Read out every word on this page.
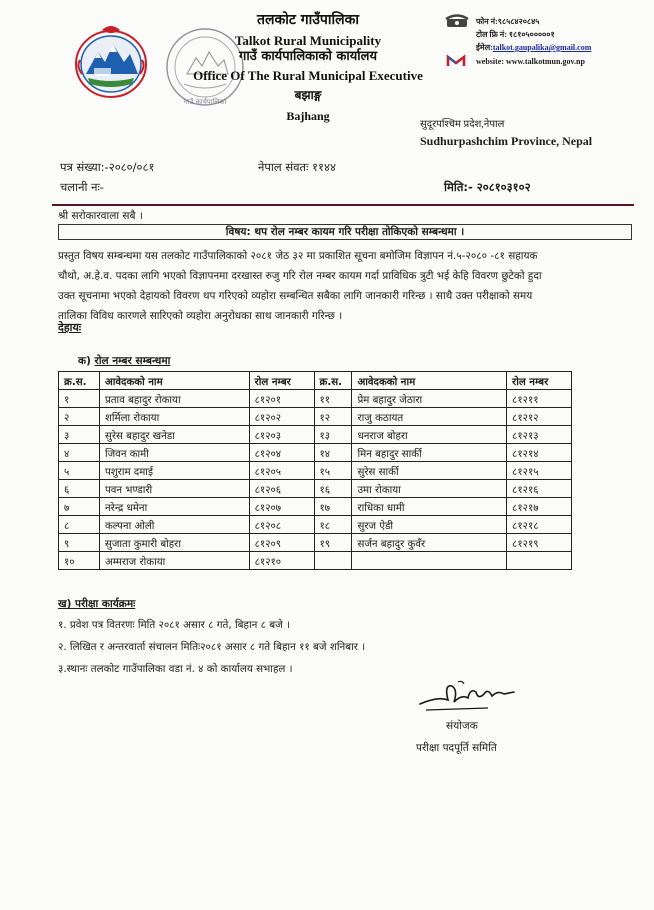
गाउँ कार्यपालिका
तलकोट गाउँपालिका
Talkot Rural Municipality
गाउँ कार्यपालिकाको कार्यालय
Office Of The Rural Municipal Executive
बझाङ्ग
Bajhang
फोन नं:९८५८४२०८४५
टोल फ्रि नं: १८१०५०००००१
ईमेल: talkot.gaupalika@gmail.com
website: www.talkotmun.gov.np
सुदूरपश्चिम प्रदेश,नेपाल
Sudhurpashchim Province, Nepal
पत्र संख्या:-२०८०/०८१
चलानी नः-
नेपाल संवतः ११४४
मिति:- २०८१०३१०२
श्री सरोकारवाला सबै ।
विषय: थप रोल नम्बर कायम गरि परीक्षा तोकिएको सम्बन्धमा ।
प्रस्तुत विषय सम्बन्धमा यस तलकोट गाउँपालिकाको २०८१ जेठ ३२ मा प्रकाशित सूचना बमोजिम विज्ञापन नं.५-२०८० -८१ सहायक
चौथो, अ.हे.व. पदका लागि भएको विज्ञापनमा दरखास्त रुजु गरि रोल नम्बर कायम गर्दा प्राविधिक त्रुटी भई केहि विवरण छुटेको हुदा
उक्त सूचनामा भएको देहायको विवरण थप गरिएको व्यहोरा सम्बन्धित सबैका लागि जानकारी गरिन्छ । साथै उक्त परीक्षाको समय
तालिका विविध कारणले सारिएको व्यहोरा अनुरोधका साथ जानकारी गरिन्छ ।
देहायः
क) रोल नम्बर सम्बन्धमा
क्र.स.	आवेदकको नाम	रोल नम्बर	क्र.स.	आवेदकको नाम	रोल नम्बर
१	प्रताव बहादुर रोकाया	८१२०१	११	प्रेम बहादुर जेठारा	८१२११
२	शर्मिला रोकाया	८१२०२	१२	राजु कठायत	८१२१२
३	सुरेस बहादुर खनेडा	८१२०३	१३	धनराज बोहरा	८१२१३
४	जिवन कामी	८१२०४	१४	मिन बहादुर सार्की	८१२१४
५	पशुराम दमाई	८१२०५	१५	सुरेस सार्की	८१२१५
६	पवन भण्डारी	८१२०६	१६	उमा रोकाया	८१२१६
७	नरेन्द्र धमेना	८१२०७	१७	राधिका धामी	८१२१७
८	कल्पना ओली	८१२०८	१८	सुरज ऐडी	८१२१८
९	सुजाता कुमारी बोहरा	८१२०९	१९	सर्जन बहादुर कुवँर	८१२१९
१०	अम्मराज रोकाया	८१२१०			
ख) परीक्षा कार्यक्रमः
१. प्रवेश पत्र वितरणः मिति २०८१ असार ८ गते, बिहान ८ बजे ।
२. लिखित र अन्तरवार्ता संचालन मितिः२०८१ असार ८ गते बिहान ११ बजे शनिबार ।
३.स्थानः तलकोट गाउँपालिका वडा नं. ४ को कार्यालय सभाहल ।
संयोजक
परीक्षा पदपूर्ति समिति
